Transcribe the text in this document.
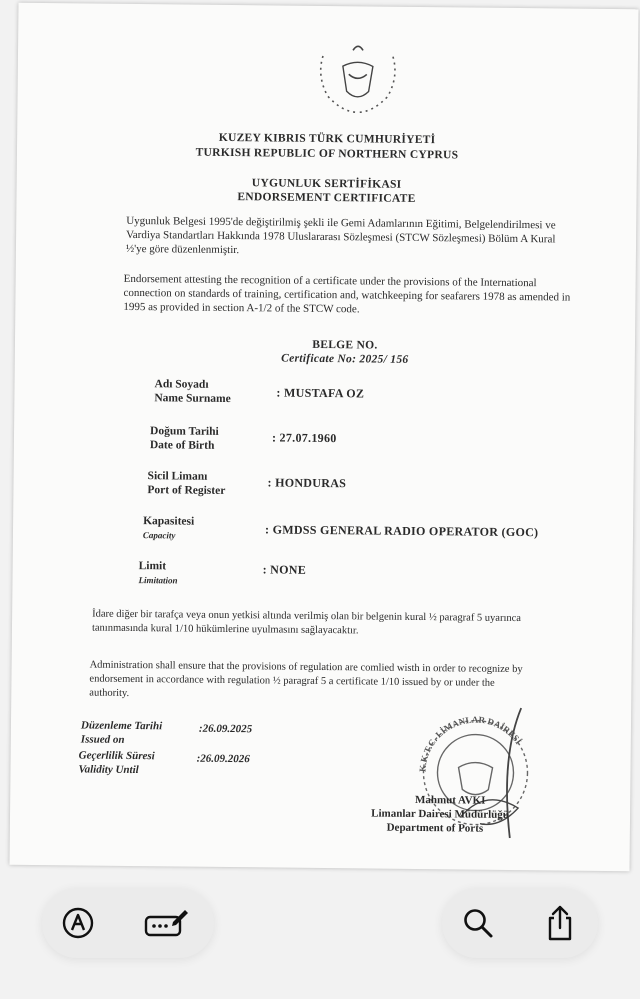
KUZEY KIBRIS TÜRK CUMHURİYETİ
TURKISH REPUBLIC OF NORTHERN CYPRUS
UYGUNLUK SERTİFİKASI
ENDORSEMENT CERTIFICATE
Uygunluk Belgesi 1995'de değiştirilmiş şekli ile Gemi Adamlarının Eğitimi, Belgelendirilmesi ve Vardiya Standartları Hakkında 1978 Uluslararası Sözleşmesi (STCW Sözleşmesi) Bölüm A Kural ½'ye göre düzenlenmiştir.
Endorsement attesting the recognition of a certificate under the provisions of the International connection on standards of training, certification and, watchkeeping for seafarers 1978 as amended in 1995 as provided in section A-1/2 of the STCW code.
BELGE NO.
Certificate No: 2025/ 156
Adı Soyadı
Name Surname	: MUSTAFA OZ
Doğum Tarihi
Date of Birth
: 27.07.1960
Sicil Limanı
Port of Register
: HONDURAS
Kapasitesi
Capacity	: GMDSS GENERAL RADIO OPERATOR (GOC)
Limit
Limitation
: NONE
İdare diğer bir tarafça veya onun yetkisi altında verilmiş olan bir belgenin kural ½ paragraf 5 uyarınca tanınmasında kural 1/10 hükümlerine uyulmasını sağlayacaktır.
Administration shall ensure that the provisions of regulation are comlied wisth in order to recognize by endorsement in accordance with regulation ½ paragraf 5 a certificate 1/10 issued by or under the authority.
Düzenleme Tarihi
Issued on
:26.09.2025
Geçerlilik Süresi
Validity Until
:26.09.2026
K.K.T.C. LİMANLAR DAİRESİ
Mahmut AVKI
Limanlar Dairesi Müdürlüğü
Department of Ports
